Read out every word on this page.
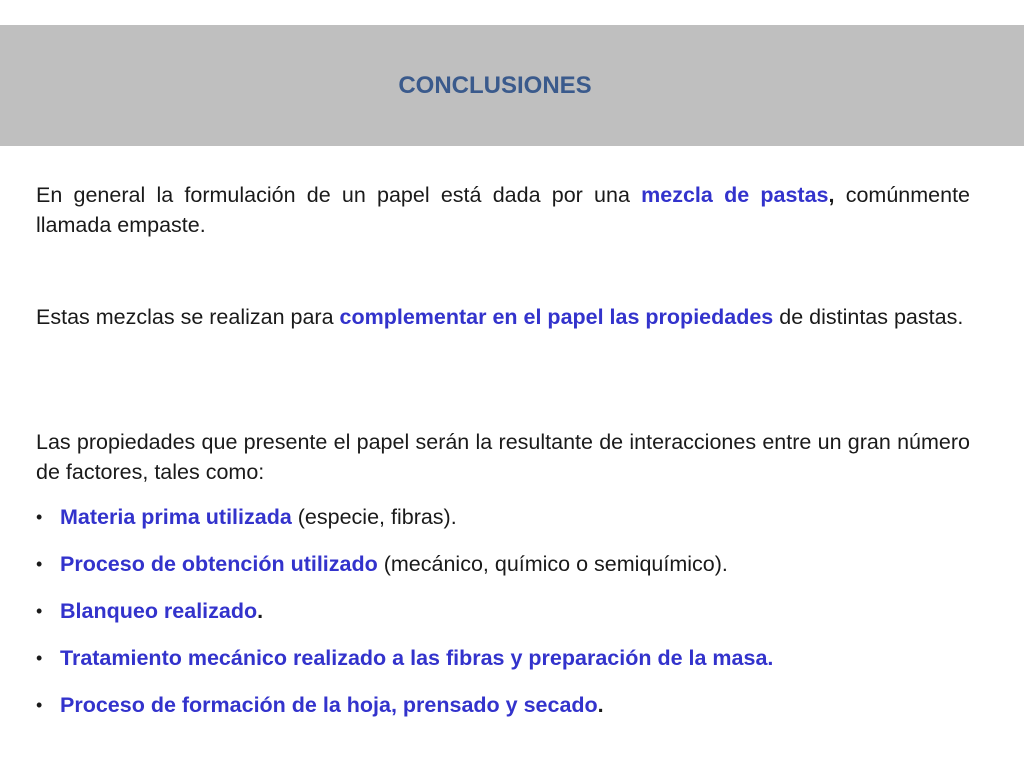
CONCLUSIONES

En general la formulación de un papel está dada por una mezcla de pastas, comúnmente llamada empaste.

Estas mezclas se realizan para complementar en el papel las propiedades de distintas pastas.

Las propiedades que presente el papel serán la resultante de interacciones entre un gran número de factores, tales como:

• Materia prima utilizada (especie, fibras).
• Proceso de obtención utilizado (mecánico, químico o semiquímico).
• Blanqueo realizado.
• Tratamiento mecánico realizado a las fibras y preparación de la masa.
• Proceso de formación de la hoja, prensado y secado.
